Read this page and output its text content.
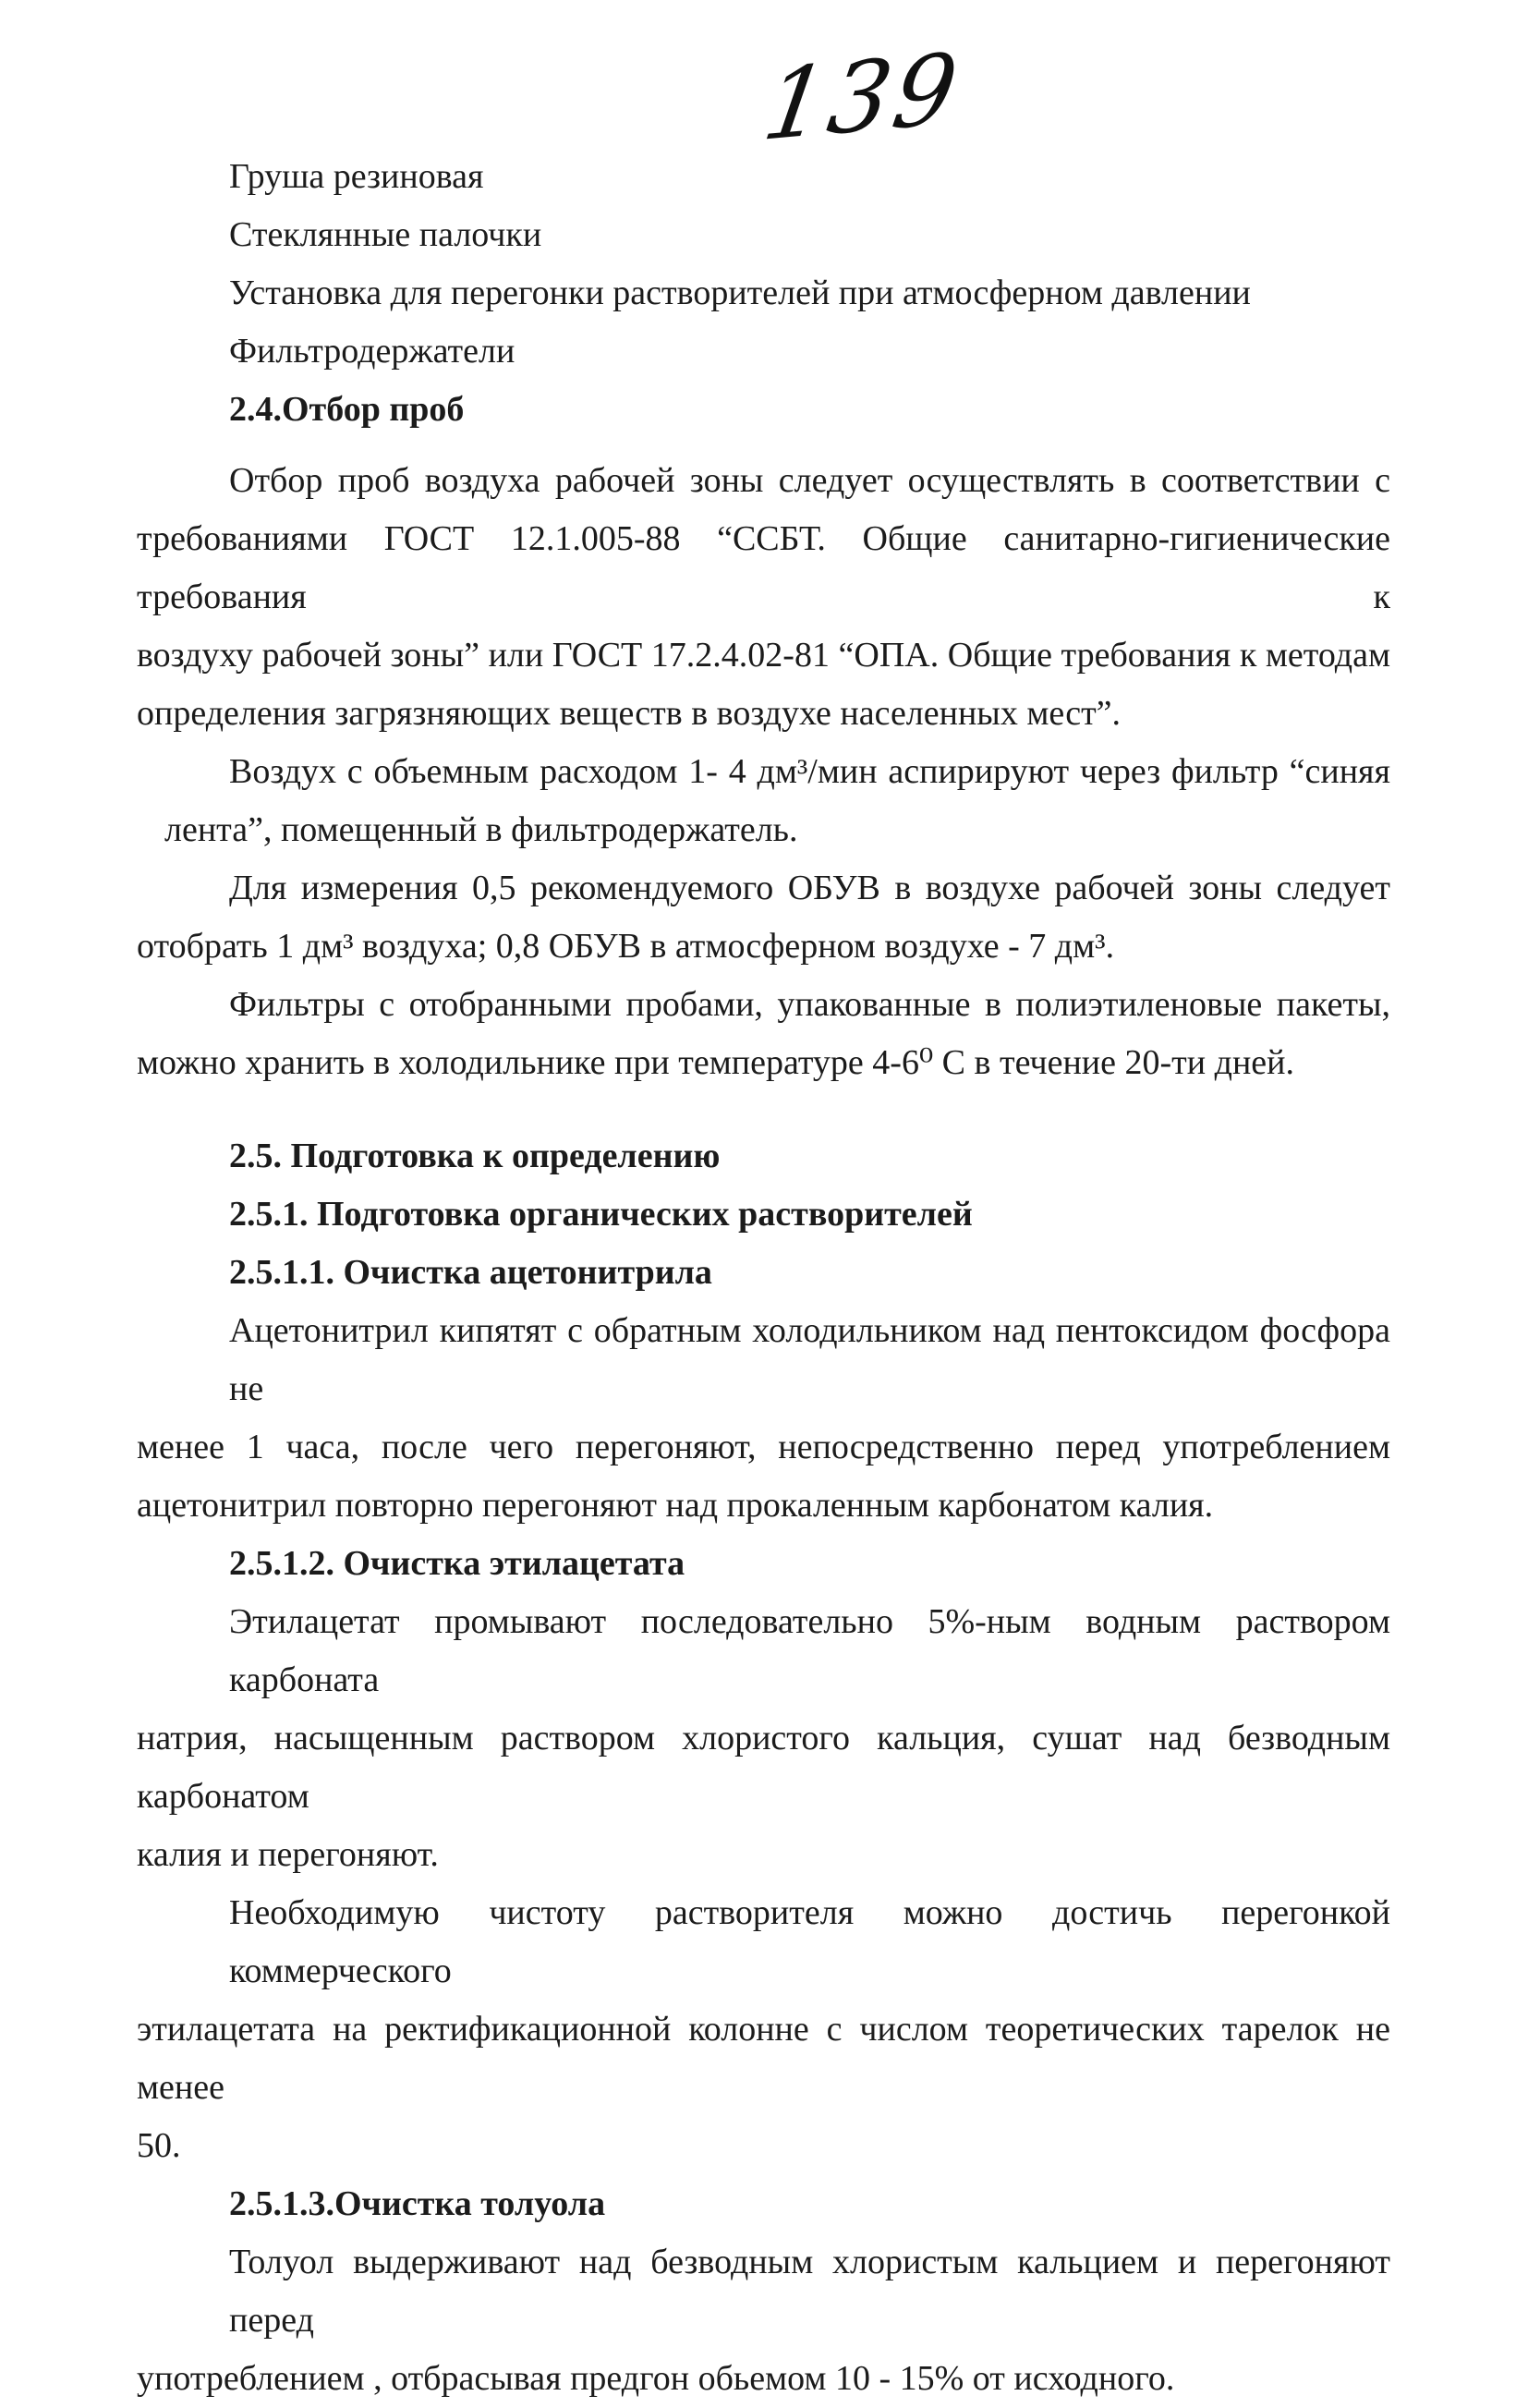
139
Груша резиновая
Стеклянные палочки
Установка для перегонки растворителей при атмосферном давлении
Фильтродержатели
2.4.Отбор проб
Отбор проб воздуха рабочей зоны следует осуществлять в соответствии с
требованиями ГОСТ 12.1.005-88 “ССБТ. Общие санитарно-гигиенические требования к
воздуху рабочей зоны” или ГОСТ 17.2.4.02-81 “ОПА. Общие требования к методам
определения загрязняющих веществ в воздухе населенных мест”.
Воздух с объемным расходом 1- 4 дм³/мин аспирируют через фильтр “синяя
лента”, помещенный в фильтродержатель.
Для измерения 0,5 рекомендуемого ОБУВ в воздухе рабочей зоны следует
отобрать 1 дм³ воздуха; 0,8 ОБУВ в атмосферном воздухе - 7 дм³.
Фильтры с отобранными пробами, упакованные в полиэтиленовые пакеты,
можно хранить в холодильнике при температуре 4-6⁰ С в течение 20-ти дней.
2.5. Подготовка к определению
2.5.1. Подготовка органических растворителей
2.5.1.1. Очистка ацетонитрила
Ацетонитрил кипятят с обратным холодильником над пентоксидом фосфора не
менее 1 часа, после чего перегоняют, непосредственно перед употреблением
ацетонитрил повторно перегоняют над прокаленным карбонатом калия.
2.5.1.2. Очистка этилацетата
Этилацетат промывают последовательно 5%-ным водным раствором карбоната
натрия, насыщенным раствором хлористого кальция, сушат над безводным карбонатом
калия и перегоняют.
Необходимую чистоту растворителя можно достичь перегонкой коммерческого
этилацетата на ректификационной колонне с числом теоретических тарелок не менее
50.
2.5.1.3.Очистка толуола
Толуол выдерживают над безводным хлористым кальцием и перегоняют перед
употреблением , отбрасывая предгон обьемом 10 - 15% от исходного.
